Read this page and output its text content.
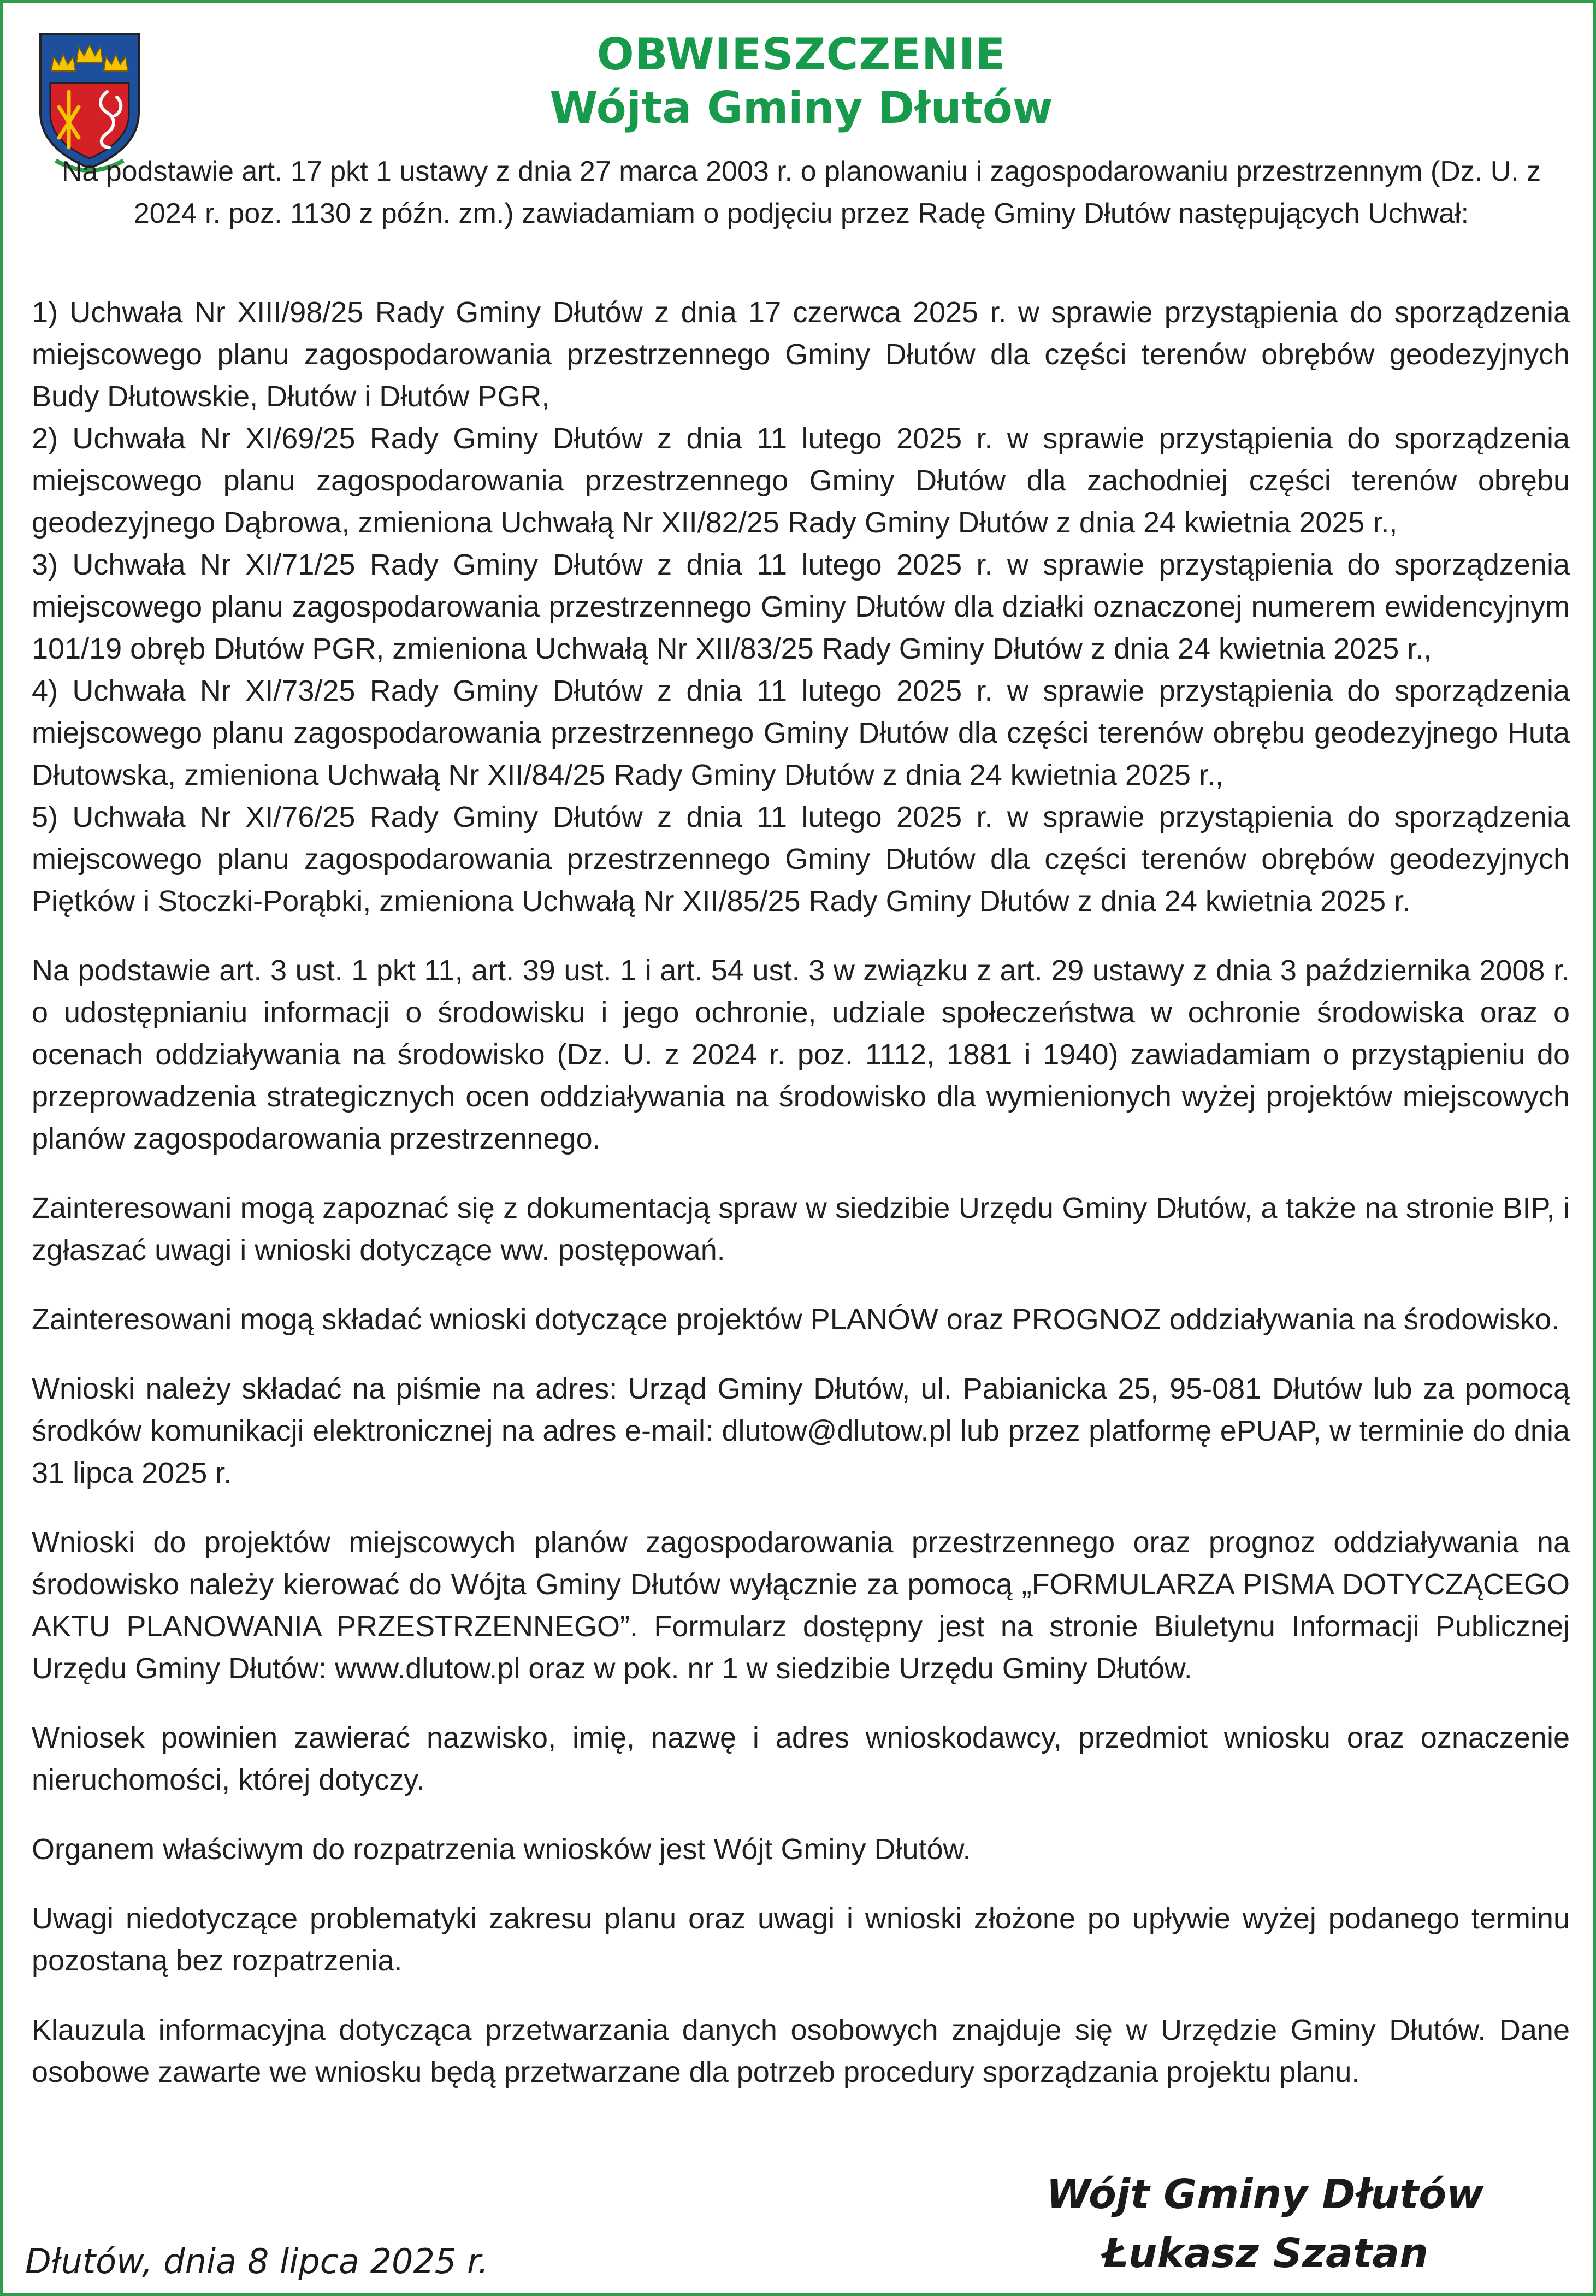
OBWIESZCZENIE
Wójta Gminy Dłutów

Na podstawie art. 17 pkt 1 ustawy z dnia 27 marca 2003 r. o planowaniu i zagospodarowaniu przestrzennym (Dz. U. z 2024 r. poz. 1130 z późn. zm.) zawiadamiam o podjęciu przez Radę Gminy Dłutów następujących Uchwał:

1) Uchwała Nr XIII/98/25 Rady Gminy Dłutów z dnia 17 czerwca 2025 r. w sprawie przystąpienia do sporządzenia miejscowego planu zagospodarowania przestrzennego Gminy Dłutów dla części terenów obrębów geodezyjnych Budy Dłutowskie, Dłutów i Dłutów PGR,

2) Uchwała Nr XI/69/25 Rady Gminy Dłutów z dnia 11 lutego 2025 r. w sprawie przystąpienia do sporządzenia miejscowego planu zagospodarowania przestrzennego Gminy Dłutów dla zachodniej części terenów obrębu geodezyjnego Dąbrowa, zmieniona Uchwałą Nr XII/82/25 Rady Gminy Dłutów z dnia 24 kwietnia 2025 r.,

3) Uchwała Nr XI/71/25 Rady Gminy Dłutów z dnia 11 lutego 2025 r. w sprawie przystąpienia do sporządzenia miejscowego planu zagospodarowania przestrzennego Gminy Dłutów dla działki oznaczonej numerem ewidencyjnym 101/19 obręb Dłutów PGR, zmieniona Uchwałą Nr XII/83/25 Rady Gminy Dłutów z dnia 24 kwietnia 2025 r.,

4) Uchwała Nr XI/73/25 Rady Gminy Dłutów z dnia 11 lutego 2025 r. w sprawie przystąpienia do sporządzenia miejscowego planu zagospodarowania przestrzennego Gminy Dłutów dla części terenów obrębu geodezyjnego Huta Dłutowska, zmieniona Uchwałą Nr XII/84/25 Rady Gminy Dłutów z dnia 24 kwietnia 2025 r.,

5) Uchwała Nr XI/76/25 Rady Gminy Dłutów z dnia 11 lutego 2025 r. w sprawie przystąpienia do sporządzenia miejscowego planu zagospodarowania przestrzennego Gminy Dłutów dla części terenów obrębów geodezyjnych Piętków i Stoczki-Porąbki, zmieniona Uchwałą Nr XII/85/25 Rady Gminy Dłutów z dnia 24 kwietnia 2025 r.

Na podstawie art. 3 ust. 1 pkt 11, art. 39 ust. 1 i art. 54 ust. 3 w związku z art. 29 ustawy z dnia 3 października 2008 r. o udostępnianiu informacji o środowisku i jego ochronie, udziale społeczeństwa w ochronie środowiska oraz o ocenach oddziaływania na środowisko (Dz. U. z 2024 r. poz. 1112, 1881 i 1940) zawiadamiam o przystąpieniu do przeprowadzenia strategicznych ocen oddziaływania na środowisko dla wymienionych wyżej projektów miejscowych planów zagospodarowania przestrzennego.

Zainteresowani mogą zapoznać się z dokumentacją spraw w siedzibie Urzędu Gminy Dłutów, a także na stronie BIP, i zgłaszać uwagi i wnioski dotyczące ww. postępowań.

Zainteresowani mogą składać wnioski dotyczące projektów PLANÓW oraz PROGNOZ oddziaływania na środowisko.

Wnioski należy składać na piśmie na adres: Urząd Gminy Dłutów, ul. Pabianicka 25, 95-081 Dłutów lub za pomocą środków komunikacji elektronicznej na adres e-mail: dlutow@dlutow.pl lub przez platformę ePUAP, w terminie do dnia 31 lipca 2025 r.

Wnioski do projektów miejscowych planów zagospodarowania przestrzennego oraz prognoz oddziaływania na środowisko należy kierować do Wójta Gminy Dłutów wyłącznie za pomocą „FORMULARZA PISMA DOTYCZĄCEGO AKTU PLANOWANIA PRZESTRZENNEGO”. Formularz dostępny jest na stronie Biuletynu Informacji Publicznej Urzędu Gminy Dłutów: www.dlutow.pl oraz w pok. nr 1 w siedzibie Urzędu Gminy Dłutów.

Wniosek powinien zawierać nazwisko, imię, nazwę i adres wnioskodawcy, przedmiot wniosku oraz oznaczenie nieruchomości, której dotyczy.

Organem właściwym do rozpatrzenia wniosków jest Wójt Gminy Dłutów.

Uwagi niedotyczące problematyki zakresu planu oraz uwagi i wnioski złożone po upływie wyżej podanego terminu pozostaną bez rozpatrzenia.

Klauzula informacyjna dotycząca przetwarzania danych osobowych znajduje się w Urzędzie Gminy Dłutów. Dane osobowe zawarte we wniosku będą przetwarzane dla potrzeb procedury sporządzania projektu planu.

Wójt Gminy Dłutów

Łukasz Szatan

Dłutów, dnia 8 lipca 2025 r.
